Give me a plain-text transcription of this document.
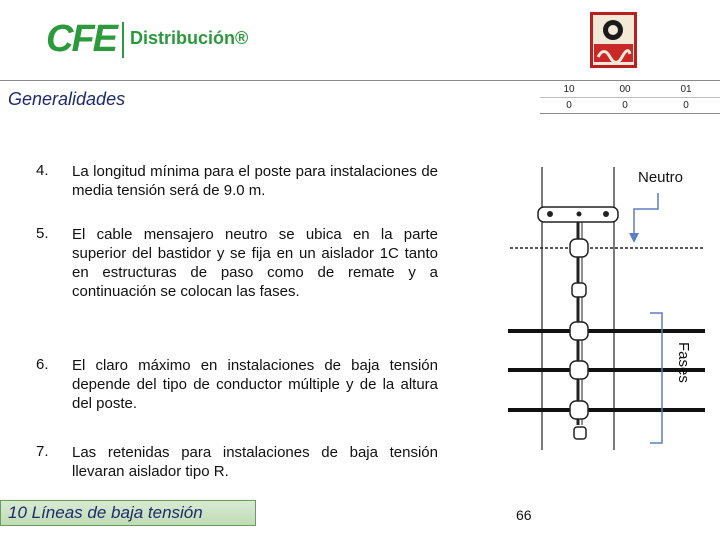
CFE Distribución®
Generalidades	10	00	01
0	0	0
4. La longitud mínima para el poste para instalaciones de media tensión será de 9.0 m.
5. El cable mensajero neutro se ubica en la parte superior del bastidor y se fija en un aislador 1C tanto en estructuras de paso como de remate y a continuación se colocan las fases.
6. El claro máximo en instalaciones de baja tensión depende del tipo de conductor múltiple y de la altura del poste.
7. Las retenidas para instalaciones de baja tensión llevaran aislador tipo R.
Neutro
Fases
10 Líneas de baja tensión	66
